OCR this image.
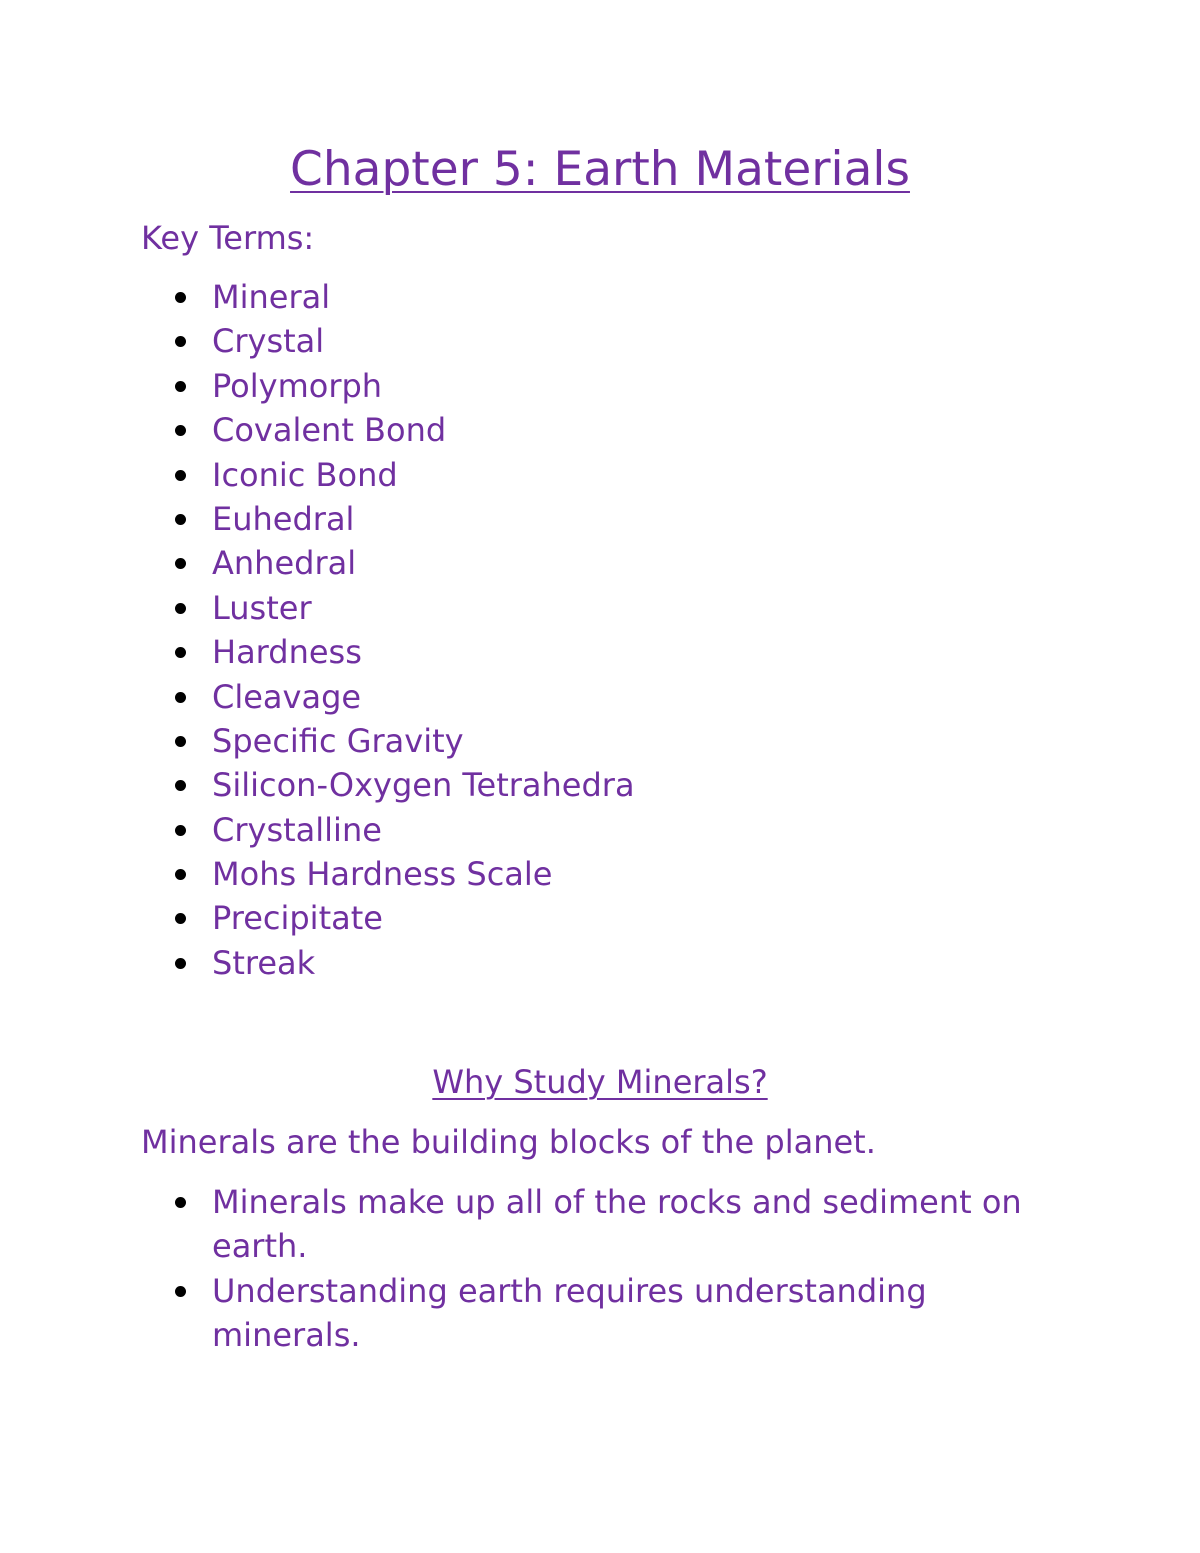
Chapter 5: Earth Materials

Key Terms:

Mineral
Crystal
Polymorph
Covalent Bond
Iconic Bond
Euhedral
Anhedral
Luster
Hardness
Cleavage
Specific Gravity
Silicon-Oxygen Tetrahedra
Crystalline
Mohs Hardness Scale
Precipitate
Streak
Why Study Minerals?

Minerals are the building blocks of the planet.

Minerals make up all of the rocks and sediment on earth.
Understanding earth requires understanding minerals.
